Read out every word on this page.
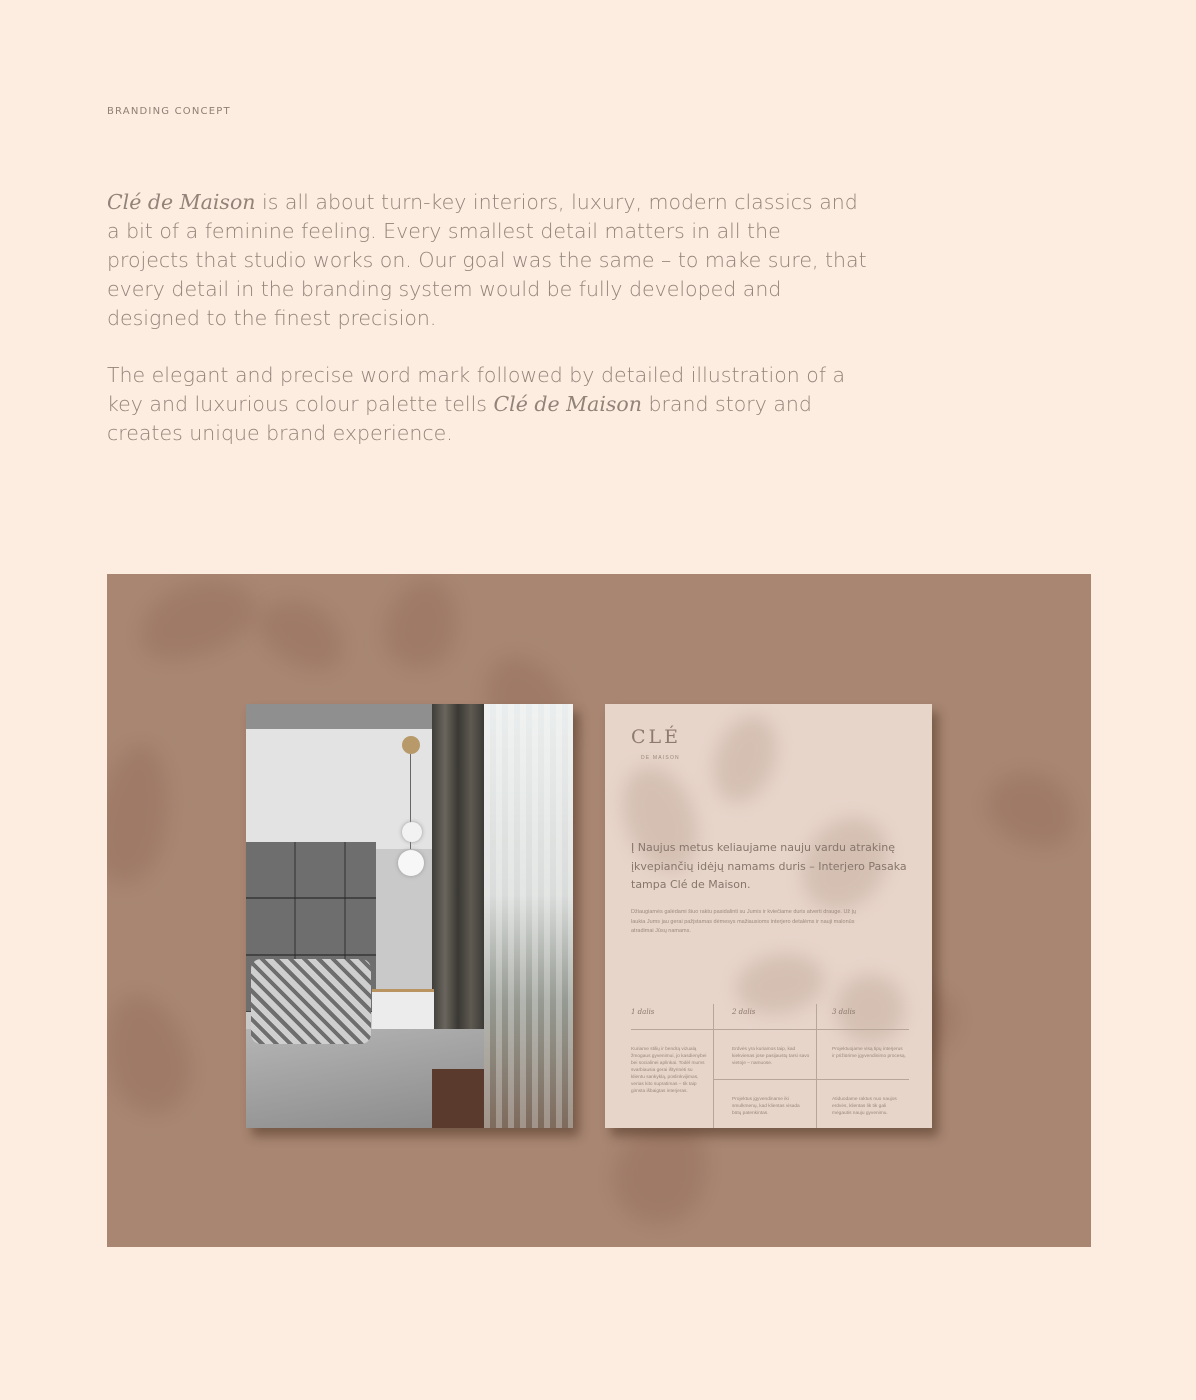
BRANDING CONCEPT

Clé de Maison is all about turn-key interiors, luxury, modern classics and a bit of a feminine feeling. Every smallest detail matters in all the projects that studio works on. Our goal was the same – to make sure, that every detail in the branding system would be fully developed and designed to the finest precision.

The elegant and precise word mark followed by detailed illustration of a key and luxurious colour palette tells Clé de Maison brand story and creates unique brand experience.

CLÉ
DE MAISON
Į Naujus metus keliaujame nauju vardu atrakinę įkvepiančių idėjų namams duris – Interjero Pasaka tampa Clé de Maison.
Džiaugiamės galėdami šiuo raktu pasidalinti su Jumis ir kviečiame duris atverti drauge. Už jų laukia Jums jau gerai pažįstamas dėmesys mažiausioms interjero detalėms ir nauji malonūs atradimai Jūsų namams.
1 dalis	2 dalis	3 dalis
Kuriame stilių ir bendrą vizualą žmogaus gyvenimui, jo kasdienybei bei socialinei aplinkai. Todėl mums svarbiausia gerai ištyrinėti su klientu sankyklą, poslinkvijimas, verias kito supratimas – tik taip gimsta išbaigtas interjeras.
Erdvės yra kuriamos taip, kad kiekvienas jose pasijaustų tarsi savo vietoje – namuose.
Projektuojame visą tipų interjerus ir prižiūrime įgyvendinimo procesą.
Projektus įgyvendiname iki smulkmenų, kad klientas visada būtų patenkintas.
Atiduodame raktus nuo naujos erdvės, klientas lik tik gali mėgautis nauju gyvenimu.
